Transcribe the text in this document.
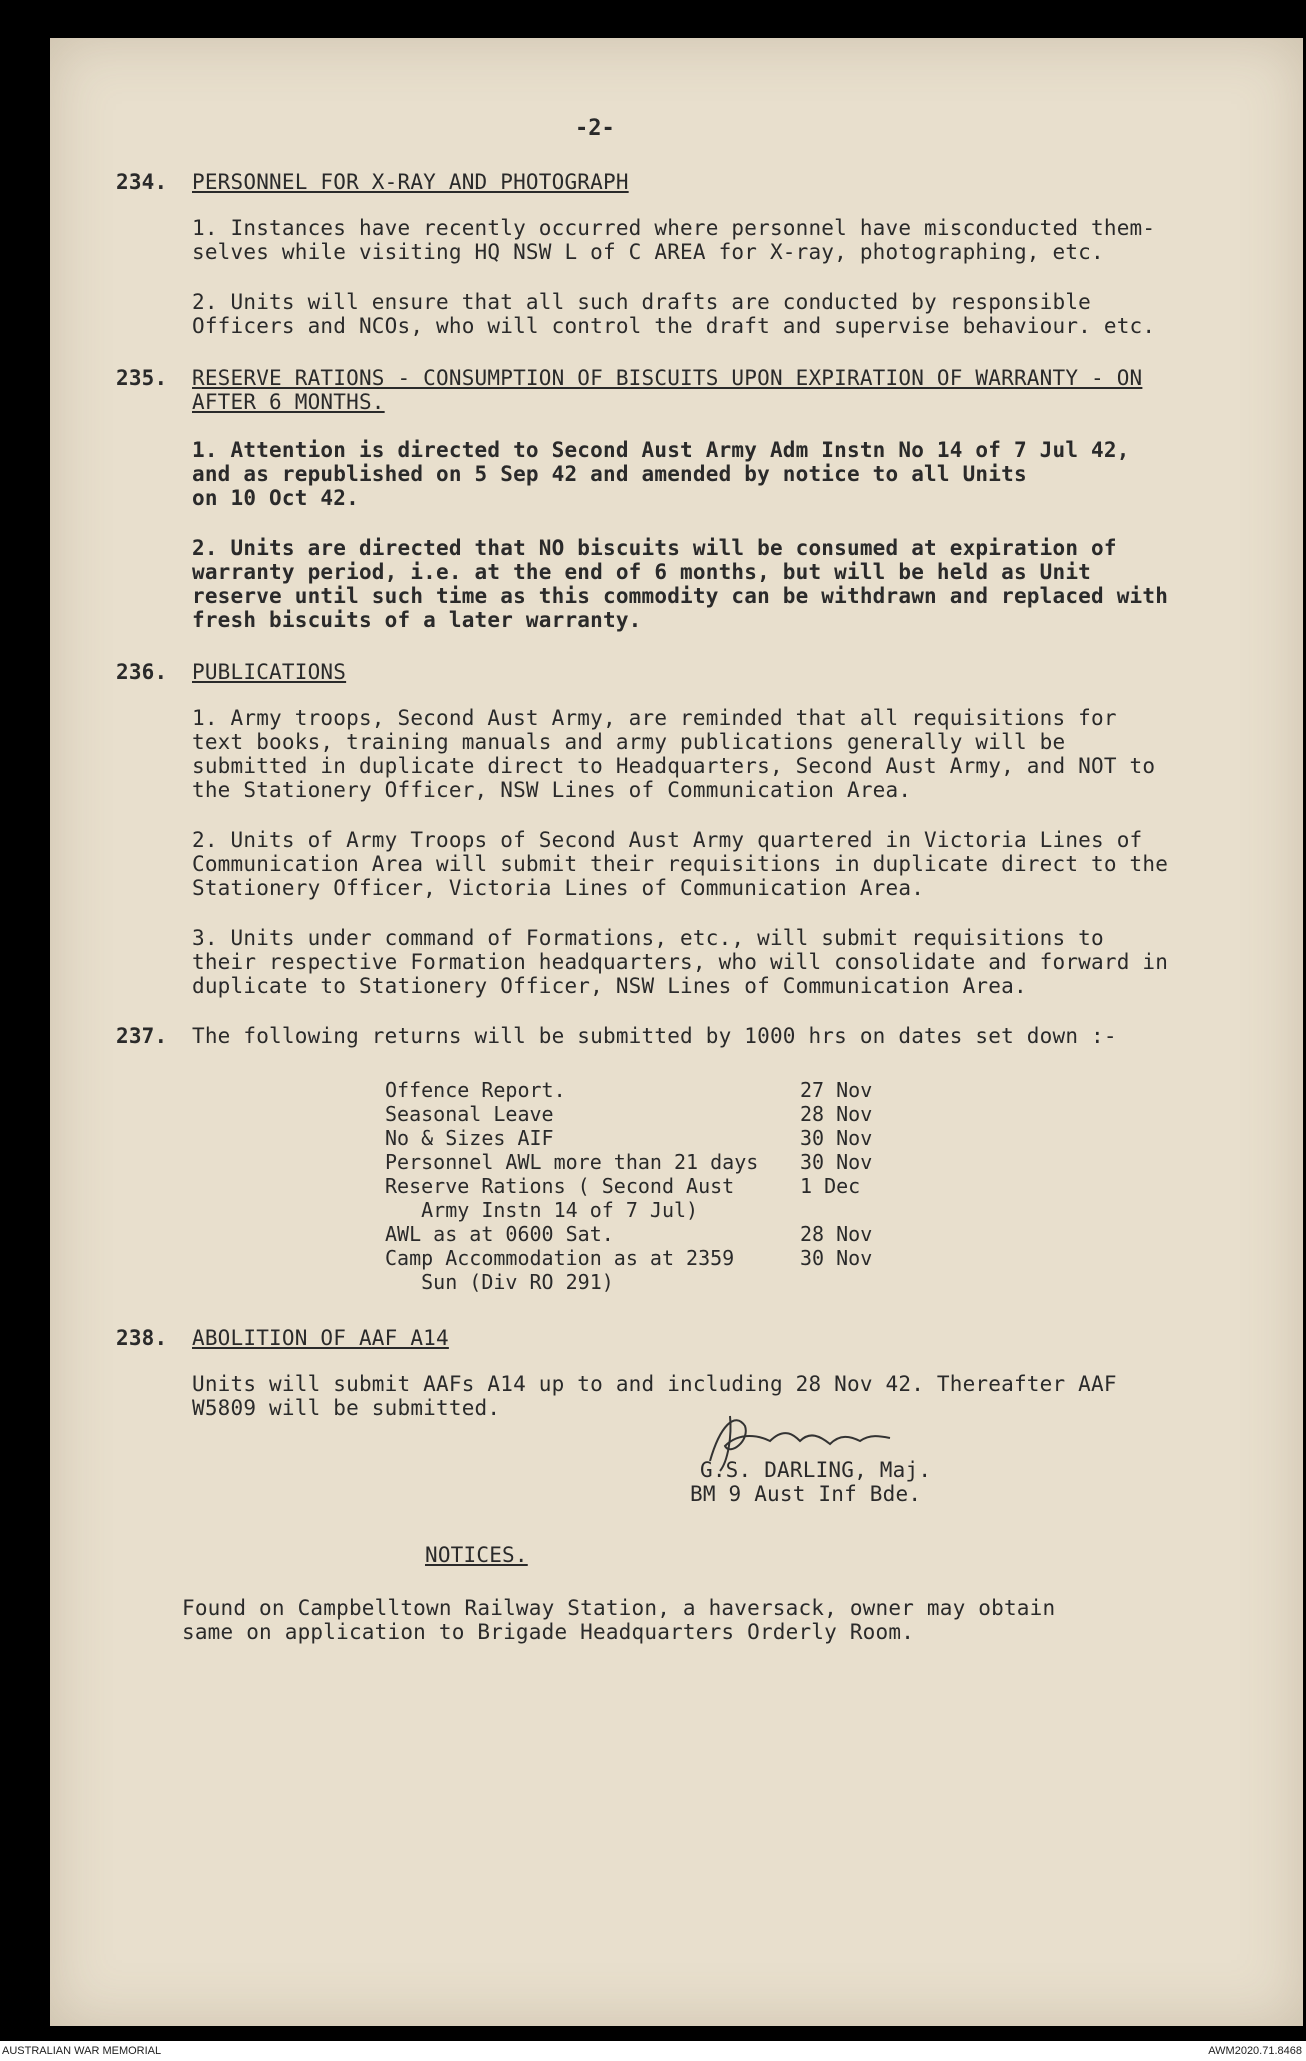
-2-
234. PERSONNEL FOR X-RAY AND PHOTOGRAPH
1. Instances have recently occurred where personnel have misconducted them-
selves while visiting HQ NSW L of C AREA for X-ray, photographing, etc.
2. Units will ensure that all such drafts are conducted by responsible
Officers and NCOs, who will control the draft and supervise behaviour. etc.
235. RESERVE RATIONS - CONSUMPTION OF BISCUITS UPON EXPIRATION OF WARRANTY - ON
AFTER 6 MONTHS.
1. Attention is directed to Second Aust Army Adm Instn No 14 of 7 Jul 42,
and as republished on 5 Sep 42 and amended by notice to all Units
on 10 Oct 42.
2. Units are directed that NO biscuits will be consumed at expiration of
warranty period, i.e. at the end of 6 months, but will be held as Unit
reserve until such time as this commodity can be withdrawn and replaced with
fresh biscuits of a later warranty.
236. PUBLICATIONS
1. Army troops, Second Aust Army, are reminded that all requisitions for
text books, training manuals and army publications generally will be
submitted in duplicate direct to Headquarters, Second Aust Army, and NOT to
the Stationery Officer, NSW Lines of Communication Area.
2. Units of Army Troops of Second Aust Army quartered in Victoria Lines of
Communication Area will submit their requisitions in duplicate direct to the
Stationery Officer, Victoria Lines of Communication Area.
3. Units under command of Formations, etc., will submit requisitions to
their respective Formation headquarters, who will consolidate and forward in
duplicate to Stationery Officer, NSW Lines of Communication Area.
237. The following returns will be submitted by 1000 hrs on dates set down :-
Offence Report.	27 Nov
Seasonal Leave	28 Nov
No & Sizes AIF	30 Nov
Personnel AWL more than 21 days 30 Nov
Reserve Rations ( Second Aust	1 Dec
Army Instn 14 of 7 Jul)
AWL as at 0600 Sat.	28 Nov
Camp Accommodation as at 2359	30 Nov
Sun (Div RO 291)
238. ABOLITION OF AAF A14
Units will submit AAFs A14 up to and including 28 Nov 42. Thereafter AAF
W5809 will be submitted.
G.S. DARLING, Maj.
BM 9 Aust Inf Bde.
NOTICES.
Found on Campbelltown Railway Station, a haversack, owner may obtain
same on application to Brigade Headquarters Orderly Room.
AUSTRALIAN WAR MEMORIAL	AWM2020.71.8468
